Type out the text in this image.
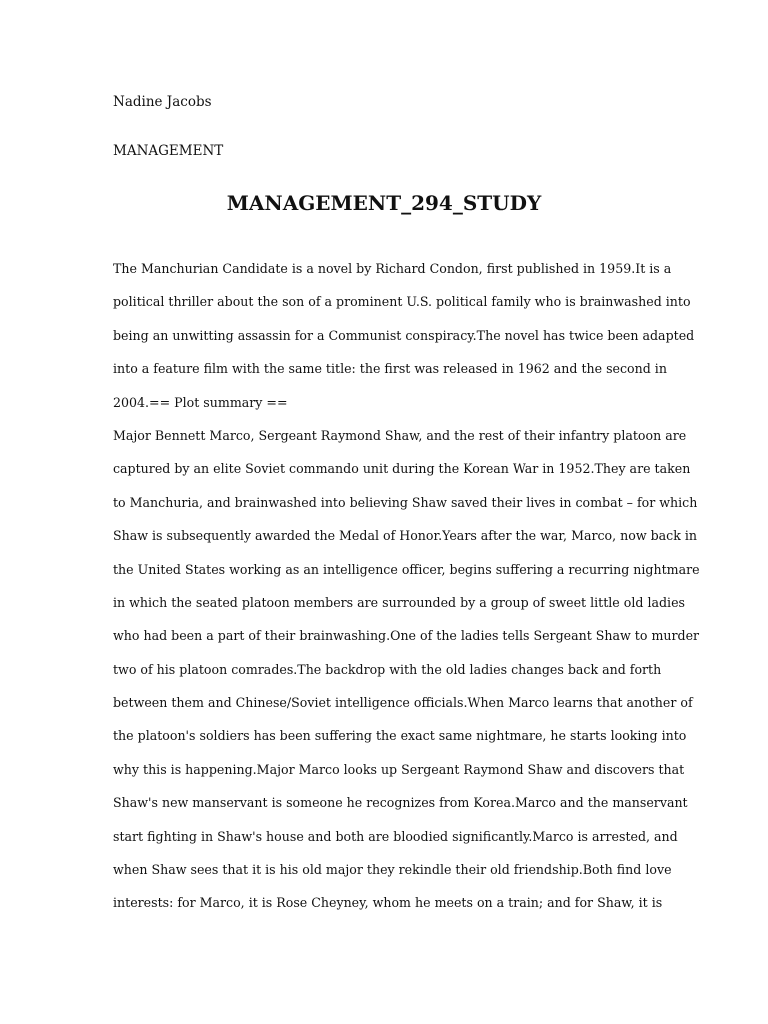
Nadine Jacobs
MANAGEMENT
MANAGEMENT_294_STUDY
The Manchurian Candidate is a novel by Richard Condon, first published in 1959.It is a
political thriller about the son of a prominent U.S. political family who is brainwashed into
being an unwitting assassin for a Communist conspiracy.The novel has twice been adapted
into a feature film with the same title: the first was released in 1962 and the second in
2004.== Plot summary ==
Major Bennett Marco, Sergeant Raymond Shaw, and the rest of their infantry platoon are
captured by an elite Soviet commando unit during the Korean War in 1952.They are taken
to Manchuria, and brainwashed into believing Shaw saved their lives in combat – for which
Shaw is subsequently awarded the Medal of Honor.Years after the war, Marco, now back in
the United States working as an intelligence officer, begins suffering a recurring nightmare
in which the seated platoon members are surrounded by a group of sweet little old ladies
who had been a part of their brainwashing.One of the ladies tells Sergeant Shaw to murder
two of his platoon comrades.The backdrop with the old ladies changes back and forth
between them and Chinese/Soviet intelligence officials.When Marco learns that another of
the platoon's soldiers has been suffering the exact same nightmare, he starts looking into
why this is happening.Major Marco looks up Sergeant Raymond Shaw and discovers that
Shaw's new manservant is someone he recognizes from Korea.Marco and the manservant
start fighting in Shaw's house and both are bloodied significantly.Marco is arrested, and
when Shaw sees that it is his old major they rekindle their old friendship.Both find love
interests: for Marco, it is Rose Cheyney, whom he meets on a train; and for Shaw, it is
